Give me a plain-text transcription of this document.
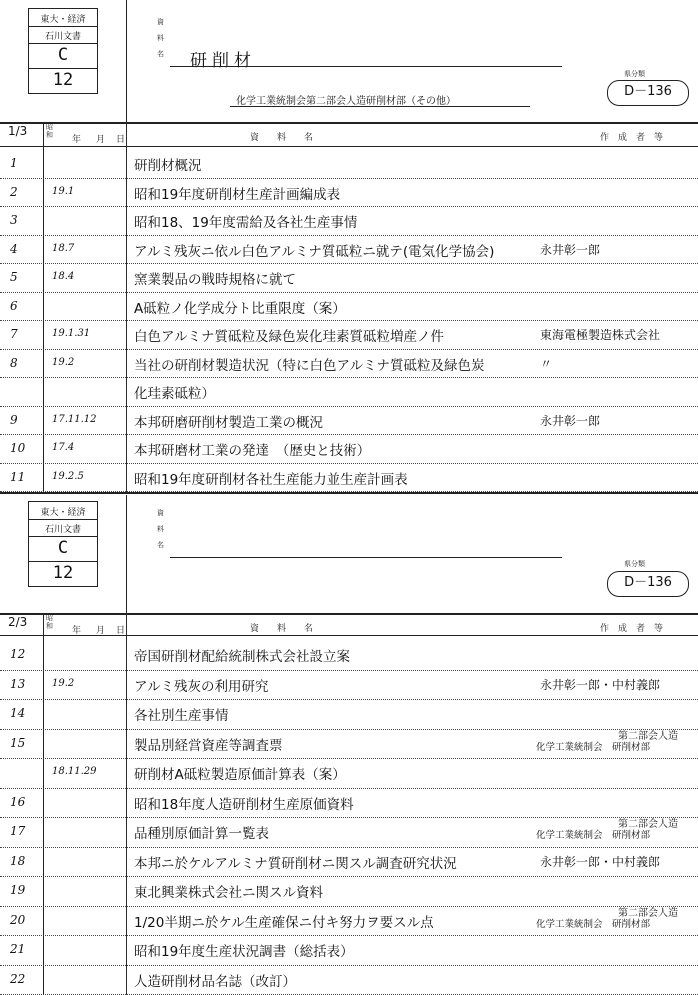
東大・経済
石川文書
C
12
資
料
名 研削材
化学工業統制会第二部会人造研削材部（その他）
県分類
D－136
1/3	昭和 年 月 日	資　　料　　名	作　成　者　等
1	研削材概況
2	19.1	昭和19年度研削材生産計画編成表
3	昭和18、19年度需給及各社生産事情
4	18.7	アルミ残灰ニ依ル白色アルミナ質砥粒ニ就テ(電気化学協会)	永井彰一郎
5	18.4	窯業製品の戦時規格に就て
6	A砥粒ノ化学成分ト比重限度（案）
7	19.1.31	白色アルミナ質砥粒及緑色炭化珪素質砥粒増産ノ件	東海電極製造株式会社
8	19.2	当社の研削材製造状況（特に白色アルミナ質砥粒及緑色炭	〃
化珪素砥粒）
9	17.11.12	本邦研磨研削材製造工業の概況	永井彰一郎
10	17.4	本邦研磨材工業の発達　（歴史と技術）
11	19.2.5	昭和19年度研削材各社生産能力並生産計画表
東大・経済
石川文書
C
12
資
料
名
県分類
D－136
2/3	昭和 年 月 日	資　　料　　名	作　成　者　等
12	帝国研削材配給統制株式会社設立案
13	19.2	アルミ残灰の利用研究	永井彰一郎・中村義郎
14	各社別生産事情
15	製品別経営資産等調査票
第二部会人造
化学工業統制会　研削材部
18.11.29	研削材A砥粒製造原価計算表（案）
16	昭和18年度人造研削材生産原価資料
17	品種別原価計算一覧表
第二部会人造
化学工業統制会　研削材部
18	本邦ニ於ケルアルミナ質研削材ニ関スル調査研究状況	永井彰一郎・中村義郎
19	東北興業株式会社ニ関スル資料
20	1/20半期ニ於ケル生産確保ニ付キ努力ヲ要スル点
第二部会人造
化学工業統制会　研削材部
21	昭和19年度生産状況調書（総括表）
22	人造研削材品名誌（改訂）
